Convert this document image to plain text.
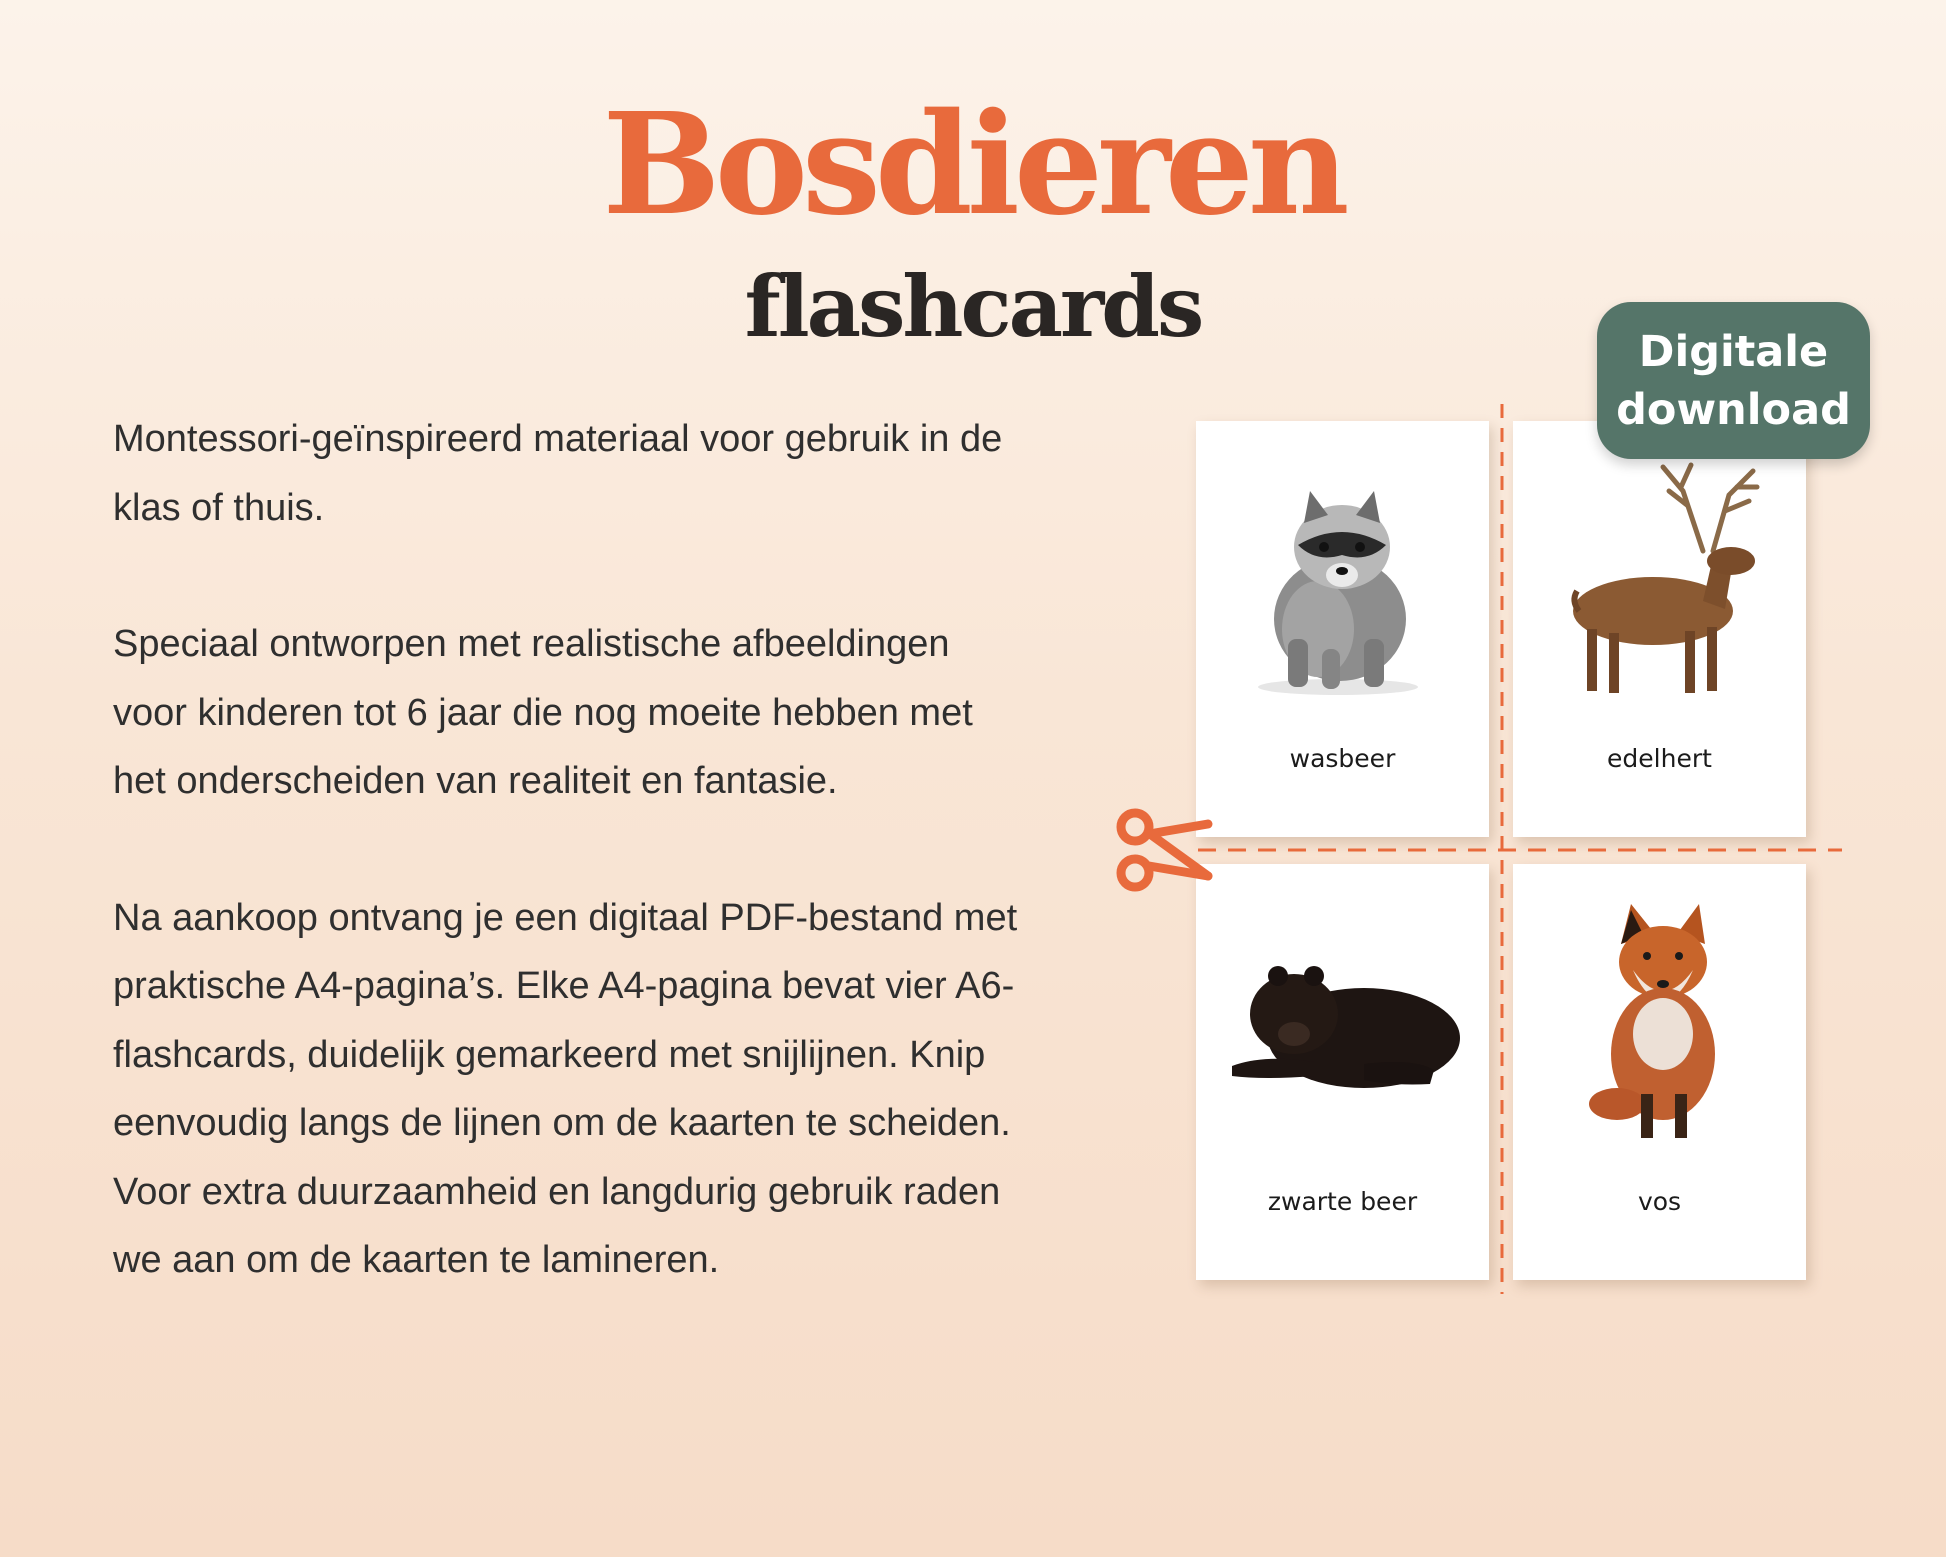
Bosdieren
flashcards

Montessori-geïnspireerd materiaal voor gebruik in de klas of thuis.

Speciaal ontworpen met realistische afbeeldingen voor kinderen tot 6 jaar die nog moeite hebben met het onderscheiden van realiteit en fantasie.

Na aankoop ontvang je een digitaal PDF-bestand met praktische A4-pagina’s. Elke A4-pagina bevat vier A6-flashcards, duidelijk gemarkeerd met snijlijnen. Knip eenvoudig langs de lijnen om de kaarten te scheiden. Voor extra duurzaamheid en langdurig gebruik raden we aan om de kaarten te lamineren.

wasbeer	edelhert
zwarte beer	vos
Digitale
download
